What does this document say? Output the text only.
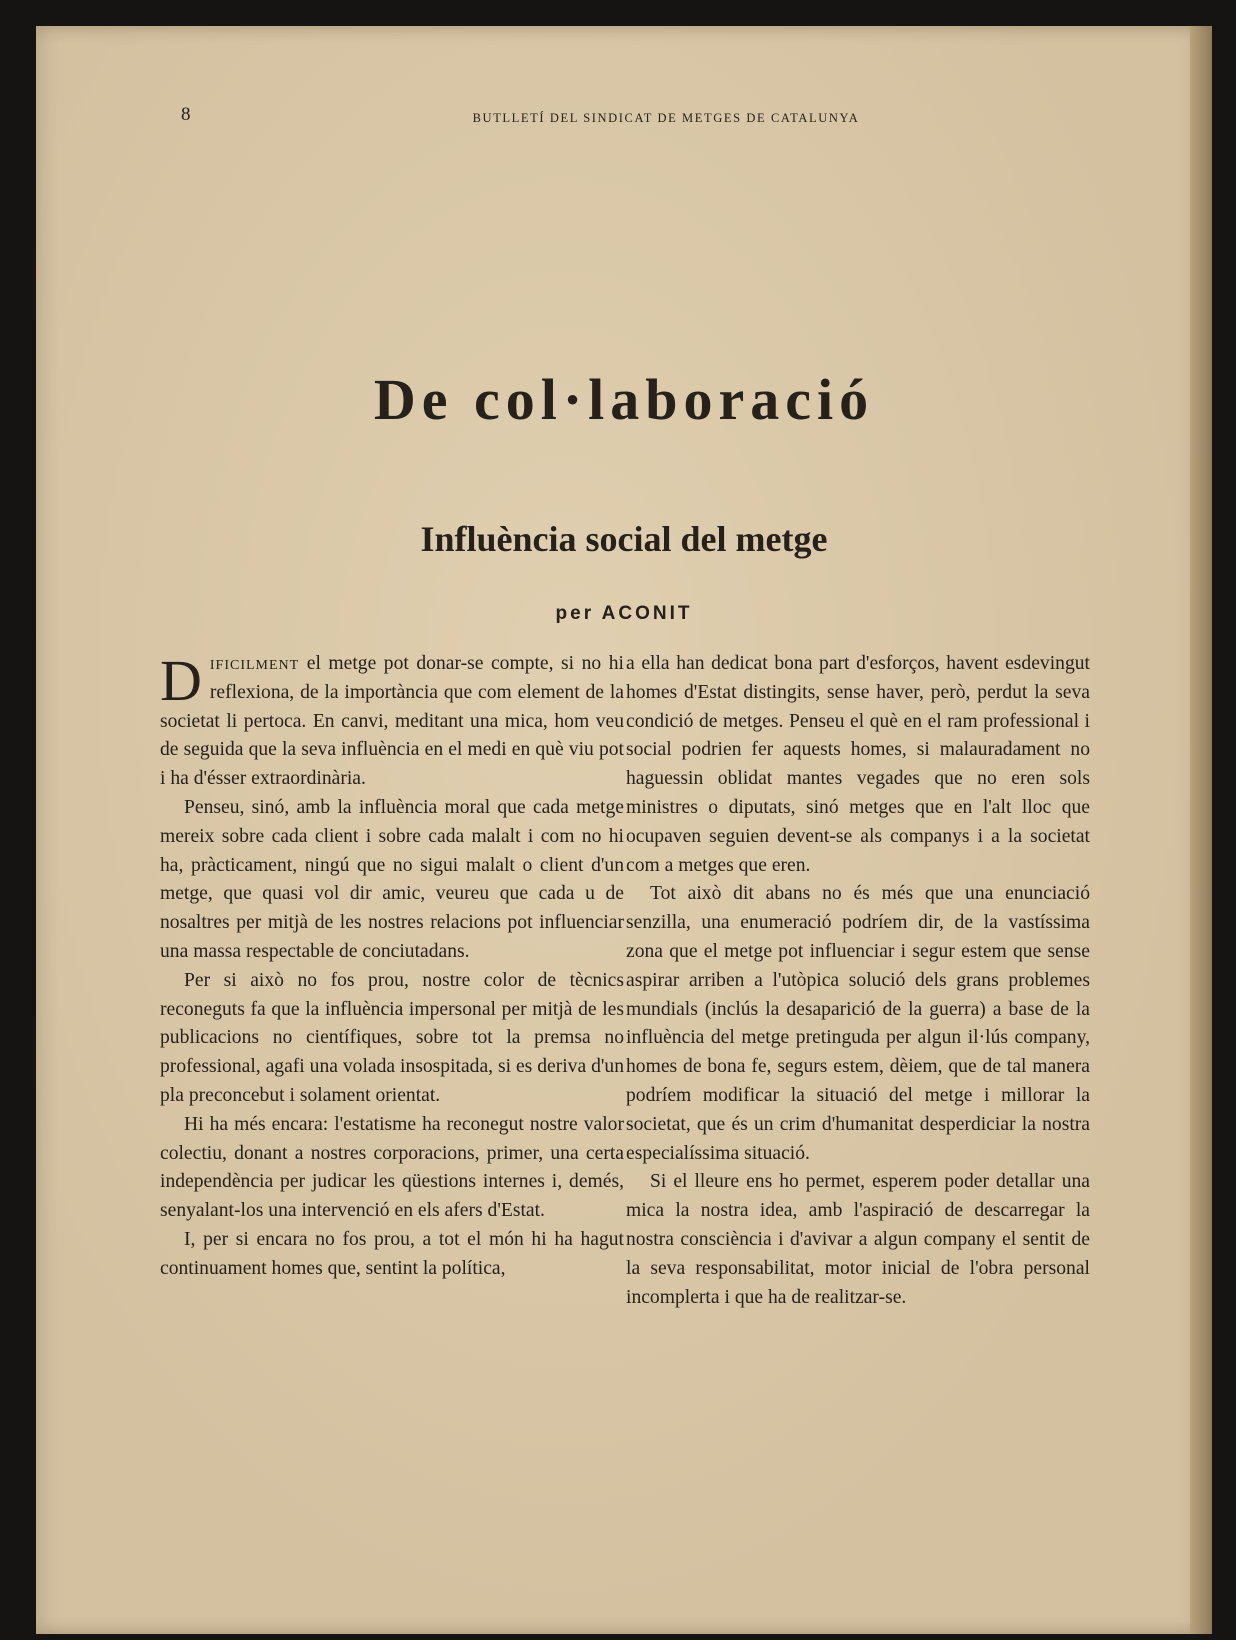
8	BUTLLETÍ DEL SINDICAT DE METGES DE CATALUNYA
De col·laboració
Influència social del metge
per ACONIT

Dificilment el metge pot donar-se compte, si no hi reflexiona, de la importància que com element de la societat li pertoca. En canvi, meditant una mica, hom veu de seguida que la seva influència en el medi en què viu pot i ha d'ésser extraordinària.

Penseu, sinó, amb la influència moral que cada metge mereix sobre cada client i sobre cada malalt i com no hi ha, pràcticament, ningú que no sigui malalt o client d'un metge, que quasi vol dir amic, veureu que cada u de nosaltres per mitjà de les nostres relacions pot influenciar una massa respectable de conciutadans.

Per si això no fos prou, nostre color de tècnics reconeguts fa que la influència impersonal per mitjà de les publicacions no científiques, sobre tot la premsa no professional, agafi una volada insospitada, si es deriva d'un pla preconcebut i solament orientat.

Hi ha més encara: l'estatisme ha reconegut nostre valor colectiu, donant a nostres corporacions, primer, una certa independència per judicar les qüestions internes i, demés, senyalant-los una intervenció en els afers d'Estat.

I, per si encara no fos prou, a tot el món hi ha hagut continuament homes que, sentint la política,

a ella han dedicat bona part d'esforços, havent esdevingut homes d'Estat distingits, sense haver, però, perdut la seva condició de metges. Penseu el què en el ram professional i social podrien fer aquests homes, si malauradament no haguessin oblidat mantes vegades que no eren sols ministres o diputats, sinó metges que en l'alt lloc que ocupaven seguien devent-se als companys i a la societat com a metges que eren.

Tot això dit abans no és més que una enunciació senzilla, una enumeració podríem dir, de la vastíssima zona que el metge pot influenciar i segur estem que sense aspirar arriben a l'utòpica solució dels grans problemes mundials (inclús la desaparició de la guerra) a base de la influència del metge pretinguda per algun il·lús company, homes de bona fe, segurs estem, dèiem, que de tal manera podríem modificar la situació del metge i millorar la societat, que és un crim d'humanitat desperdiciar la nostra especialíssima situació.

Si el lleure ens ho permet, esperem poder detallar una mica la nostra idea, amb l'aspiració de descarregar la nostra consciència i d'avivar a algun company el sentit de la seva responsabilitat, motor inicial de l'obra personal incomplerta i que ha de realitzar-se.
